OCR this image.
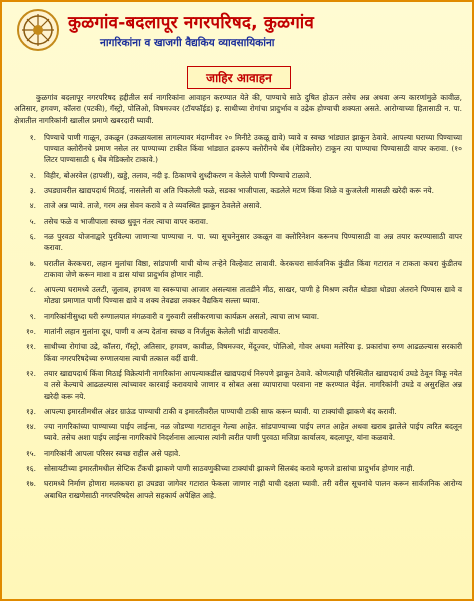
कुळगांव-बदलापूर नगरपरिषद, कुळगांव
नागरिकांना व खाजगी वैद्यकिय व्यावसायिकांना
जाहिर आवाहन

कुळगांव बदलापूर नगरपरिषद हद्दीतील सर्व नागरिकांना आवाहन करण्यात येते की, पाण्याचे साठे दुषित होऊन तसेच अन्न अथवा अन्य कारणांमुळे कावीळ, अतिसार, हगवण, कॉलरा (पटकी), गॅस्ट्रो, पोलिओ, विषमज्वर (टॉयफॉईड) इ. साथीच्या रोगांचा प्रादुर्भाव व उद्रेक होण्याची शक्यता असते. आरोग्याच्या हितासाठी न. पा. क्षेत्रातील नागरिकांनी खालील प्रमाणे खबरदारी घ्यावी.

१.	पिण्याचे पाणी गाळून, उकळून (उकळायलास लागल्यावर मंदाग्नीवर २० मिनीटे उकळू द्यावे) प्यावे व स्वच्छ भांड्यात झाकून ठेवावे. आपल्या घराच्या पिण्याच्या पाण्यात क्लोरीनचे प्रमाण नसेल तर पाण्याच्या टाकीत किंवा भांड्यात द्रवरूप क्लोरीनचे थेंब (मेडिक्लोर) टाकून त्या पाण्याचा पिण्यासाठी वापर करावा. (१० लिटर पाण्यासाठी ६ थेंब मेडिक्लोर टाकावे.)
२.	विहीर, बोअरवेल (हापशी), खड्डे, तलाव, नदी इ. ठिकाणचे शुध्दीकरण न केलेले पाणी पिण्याचे टाळावे.
३.	उघड्यावरील खाद्यपदार्थ मिठाई, नासलेली वा अति पिकलेली फळे, सडका भाजीपाला, कडलेले मटण किंवा शिळे व कुजलेली मासळी खरेदी करू नये.
४.	ताजे अन्न प्यावे. ताजे, गरम अन्न सेवन करावे व ते व्यवस्थित झाकून ठेवलेले असावे.
५.	तसेच फळे व भाजीपाला स्वच्छ धुवून नंतर त्याचा वापर करावा.
६.	नळ पुरवठा योजनाद्वारे पुरविल्या जाणाऱ्या पाण्याचा न. पा. च्या सूचनेनुसार उकळून वा क्लोरिनेशन करूनच पिण्यासाठी वा अन्न तयार करण्यासाठी वापर करावा.
७.	घरातील केरकचरा, लहान मुलांचा विष्ठा, सांडपाणी याची योग्य तऱ्हेने विल्हेवाट लावावी. केरकचरा सार्वजनिक कुंडीत किंवा गटारात न टाकता कचरा कुंडीतच टाकावा जेणे करून माशा व डास यांचा प्रादुर्भाव होणार नाही.
८.	आपल्या घरामध्ये उलटी, जुलाब, हगवण या स्वरूपाचा आजार असल्यास तातडीने मीठ, साखर, पाणी हे मिश्रण त्वरीत थोड्या थोड्या अंतराने पिण्यास द्यावे व मोठ्या प्रमाणात पाणी पिण्यास द्यावे व शक्य तेवढ्या लवकर वैद्यकिय सल्ला घ्यावा.
९.	नागरिकांनीसुध्दा घरी रुग्णालयात मंगळवारी व गुरुवारी लसीकरणाचा कार्यक्रम असतो, त्याचा लाभ घ्यावा.
१०.	मातांनी लहान मुलांना दूध, पाणी व अन्य देतांना स्वच्छ व निर्जंतुक केलेली भांडी वापरावीत.
११.	साथीच्या रोगांचा उद्रे, कॉलरा, गॅस्ट्रो, अतिसार, हगवण, कावीळ, विषमज्वर, मेंदूज्वर, पोलिओ, गोवर अथवा मलेरिया इ. प्रकारांचा रुग्ण आढळल्यास सरकारी किंवा नगरपरिषदेच्या रुग्णालयास त्याची तत्काल वर्दी द्यावी.
१२.	तयार खाद्यपदार्थ किंवा मिठाई विक्रेत्यांनी नागरिकांना आपल्याकडील खाद्यपदार्थ निरुपणे झाकून ठेवावे. कोणत्याही परिस्थितीत खाद्यपदार्थ उघडे ठेवून विकू नयेत व तसे केल्याचे आढळल्यास त्यांच्यावर कारवाई करावयाचे जाणार व सोबत असा व्यापाराचा परवाना नष्ट करण्यात येईल. नागरिकांनी उघडे व असुरक्षित अन्न खरेदी करू नये.
१३.	आपल्या इमारतीमधील अंडर ग्राऊंड पाण्याची टाकी व इमारतीवरील पाण्याची टाकी साफ करून घ्यावी. या टाक्यांची झाकणे बंद करावी.
१४.	ज्या नागरिकांच्या पाण्याच्या पाईप लाईन्स, नळ जोडण्या गटारातून गेल्या आहेत. सांडपाण्याच्या पाईप लगत आहेत अथवा खराब झालेले पाईप त्वरित बदलून घ्यावे. तसेच अशा पाईप लाईन्स नागरिकांचे निदर्शनास आल्यास त्यांनी त्वरीत पाणी पुरवठा मजिप्रा कार्यालय, बदलापूर, यांना कळवावे.
१५.	नागरिकांनी आपला परिसर स्वच्छ राहील असे पहावे.
१६.	सोसायटीच्या इमारतीमधील सेप्टिक टँकची झाकणे पाणी साठवणुकीच्या टाक्यांची झाकणे सिलबंद करावे म्हणजे डासांचा प्रादुर्भाव होणार नाही.
१७.	घरामध्ये निर्माण होणारा मलकचरा हा उघड्या जागेवर गटारात फेकला जाणार नाही याची दक्षता घ्यावी. तरी वरील सूचनांचे पालन करून सार्वजनिक आरोग्य अबाधित राखणेसाठी नगरपरिषदेस आपले सहकार्य अपेक्षित आहे.
